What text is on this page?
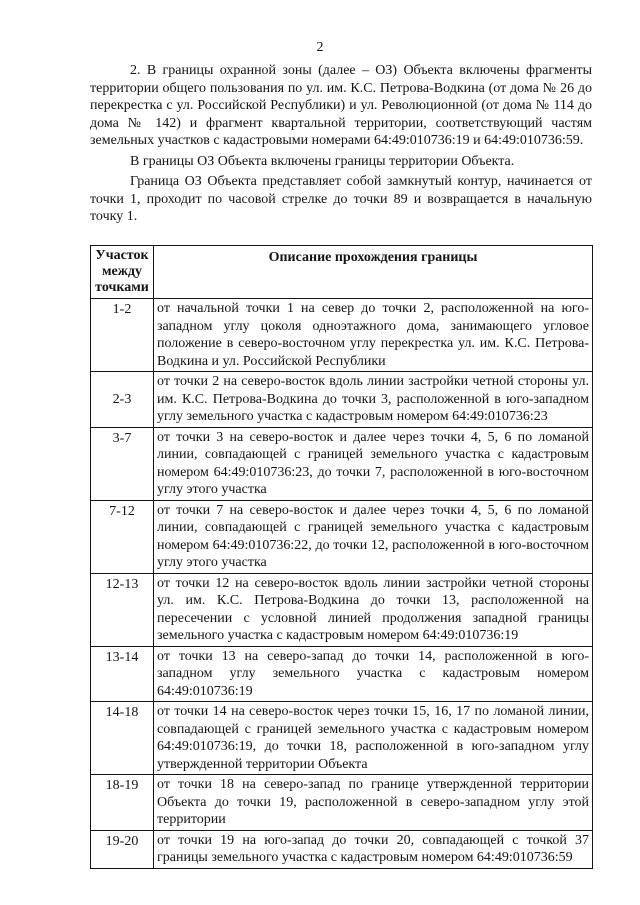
2

2. В границы охранной зоны (далее – ОЗ) Объекта включены фрагменты территории общего пользования по ул. им. К.С. Петрова-Водкина (от дома № 26 до перекрестка с ул. Российской Республики) и ул. Революционной (от дома № 114 до дома № 142) и фрагмент квартальной территории, соответствующий частям земельных участков с кадастровыми номерами 64:49:010736:19 и 64:49:010736:59.

В границы ОЗ Объекта включены границы территории Объекта.

Граница ОЗ Объекта представляет собой замкнутый контур, начинается от точки 1, проходит по часовой стрелке до точки 89 и возвращается в начальную точку 1.

Участок между точками	Описание прохождения границы
1-2	от начальной точки 1 на север до точки 2, расположенной на юго-западном углу цоколя одноэтажного дома, занимающего угловое положение в северо-восточном углу перекрестка ул. им. К.С. Петрова-Водкина и ул. Российской Республики
2-3	от точки 2 на северо-восток вдоль линии застройки четной стороны ул. им. К.С. Петрова-Водкина до точки 3, расположенной в юго-западном углу земельного участка с кадастровым номером 64:49:010736:23
3-7	от точки 3 на северо-восток и далее через точки 4, 5, 6 по ломаной линии, совпадающей с границей земельного участка с кадастровым номером 64:49:010736:23, до точки 7, расположенной в юго-восточном углу этого участка
7-12	от точки 7 на северо-восток и далее через точки 4, 5, 6 по ломаной линии, совпадающей с границей земельного участка с кадастровым номером 64:49:010736:22, до точки 12, расположенной в юго-восточном углу этого участка
12-13	от точки 12 на северо-восток вдоль линии застройки четной стороны ул. им. К.С. Петрова-Водкина до точки 13, расположенной на пересечении с условной линией продолжения западной границы земельного участка с кадастровым номером 64:49:010736:19
13-14	от точки 13 на северо-запад до точки 14, расположенной в юго-западном углу земельного участка с кадастровым номером 64:49:010736:19
14-18	от точки 14 на северо-восток через точки 15, 16, 17 по ломаной линии, совпадающей с границей земельного участка с кадастровым номером 64:49:010736:19, до точки 18, расположенной в юго-западном углу утвержденной территории Объекта
18-19	от точки 18 на северо-запад по границе утвержденной территории Объекта до точки 19, расположенной в северо-западном углу этой территории
19-20	от точки 19 на юго-запад до точки 20, совпадающей с точкой 37 границы земельного участка с кадастровым номером 64:49:010736:59
